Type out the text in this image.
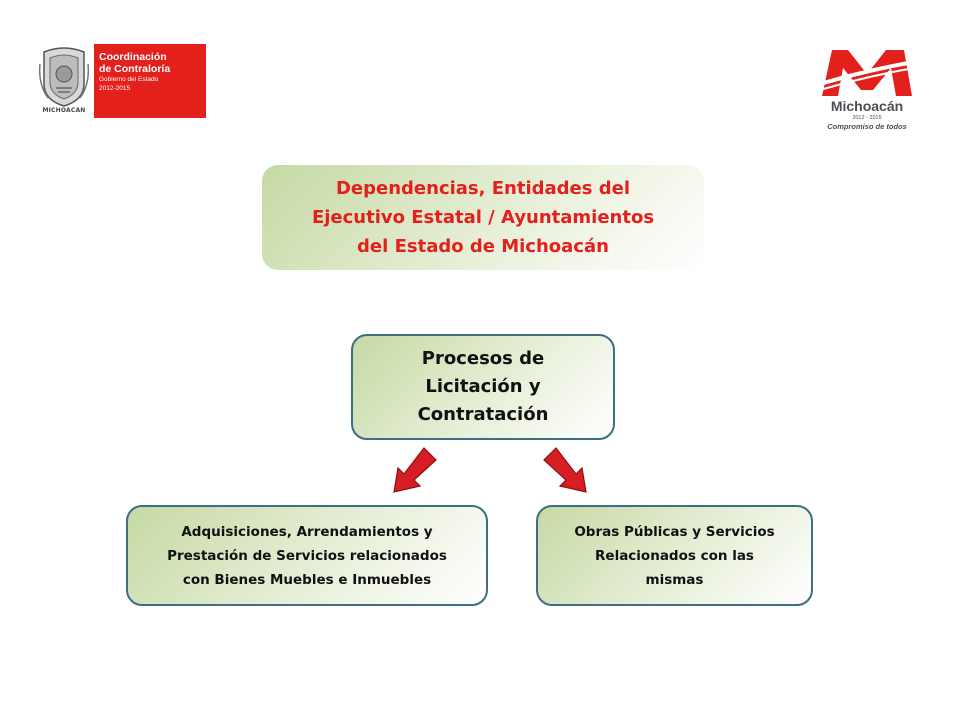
MICHOACAN
Coordinación
de Contraloría
Gobierno del Estado
2012-2015
Michoacán
2012 - 2015
Compromiso de todos
Dependencias, Entidades del
Ejecutivo Estatal / Ayuntamientos
del Estado de Michoacán
Procesos de
Licitación y
Contratación
Adquisiciones, Arrendamientos y
Prestación de Servicios relacionados
con Bienes Muebles e Inmuebles
Obras Públicas y Servicios
Relacionados con las
mismas
